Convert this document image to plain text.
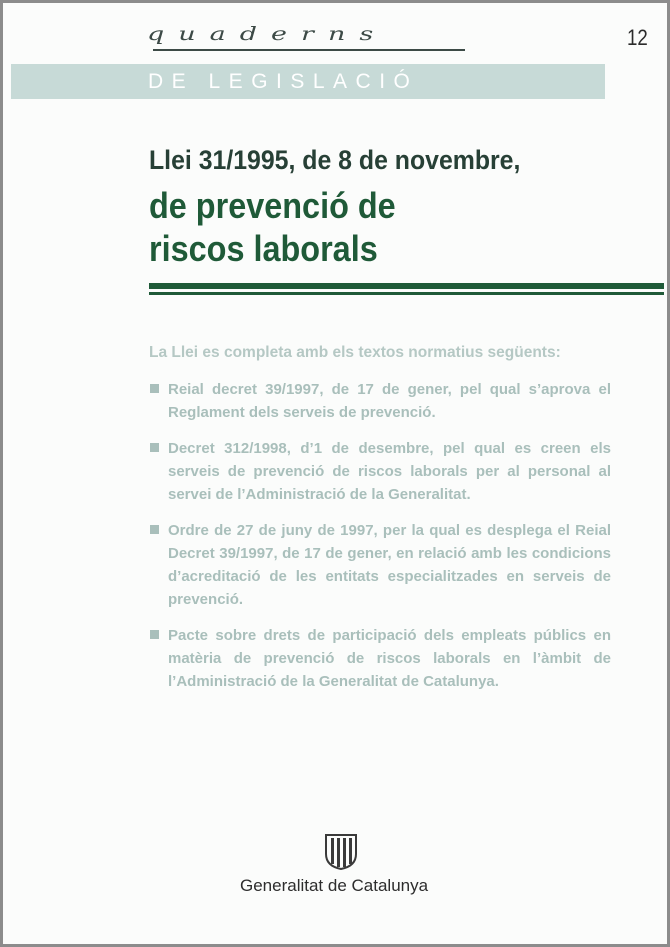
quaderns	12
DE LEGISLACIÓ
Llei 31/1995, de 8 de novembre,
de prevenció de
riscos laborals
La Llei es completa amb els textos normatius següents:
Reial decret 39/1997, de 17 de gener, pel qual s’aprova el Reglament dels serveis de prevenció.
Decret 312/1998, d’1 de desembre, pel qual es creen els serveis de prevenció de riscos laborals per al personal al servei de l’Administració de la Generalitat.
Ordre de 27 de juny de 1997, per la qual es desplega el Reial Decret 39/1997, de 17 de gener, en relació amb les condicions d’acreditació de les entitats especialitzades en serveis de prevenció.
Pacte sobre drets de participació dels empleats públics en matèria de prevenció de riscos laborals en l’àmbit de l’Administració de la Generalitat de Catalunya.
Generalitat de Catalunya
